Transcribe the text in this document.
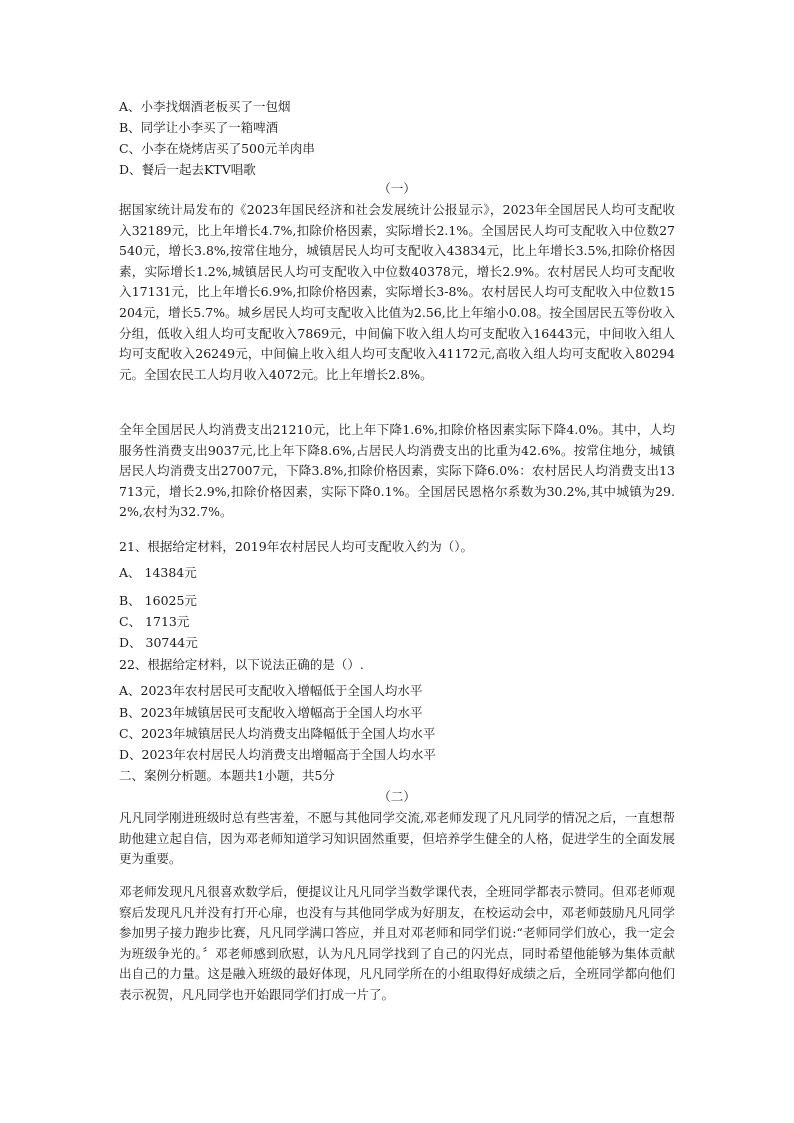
A、小李找烟酒老板买了一包烟
B、同学让小李买了一箱啤酒
C、小李在烧烤店买了500元羊肉串
D、餐后一起去KTV唱歌
（一）
据国家统计局发布的《2023年国民经济和社会发展统计公报显示》，2023年全国居民人均可支配收入32189元，比上年增长4.7%,扣除价格因素，实际增长2.1%。全国居民人均可支配收入中位数27540元，增长3.8%,按常住地分，城镇居民人均可支配收入43834元，比上年增长3.5%,扣除价格因素，实际增长1.2%,城镇居民人均可支配收入中位数40378元，增长2.9%。农村居民人均可支配收入17131元，比上年增长6.9%,扣除价格因素，实际增长3-8%。农村居民人均可支配收入中位数15204元，增长5.7%。城乡居民人均可支配收入比值为2.56,比上年缩小0.08。按全国居民五等份收入分组，低收入组人均可支配收入7869元，中间偏下收入组人均可支配收入16443元，中间收入组人均可支配收入26249元，中间偏上收入组人均可支配收入41172元,高收入组人均可支配收入80294元。全国农民工人均月收入4072元。比上年增长2.8%。
全年全国居民人均消费支出21210元，比上年下降1.6%,扣除价格因素实际下降4.0%。其中，人均服务性消费支出9037元,比上年下降8.6%,占居民人均消费支出的比重为42.6%。按常住地分，城镇居民人均消费支出27007元，下降3.8%,扣除价格因素，实际下降6.0%：农村居民人均消费支出13713元，增长2.9%,扣除价格因素，实际下降0.1%。全国居民恩格尔系数为30.2%,其中城镇为29.2%,农村为32.7%。
21、根据给定材料，2019年农村居民人均可支配收入约为（）。
A、 14384元
B、 16025元
C、 1713元
D、 30744元
22、根据给定材料，以下说法正确的是（）.
A、2023年农村居民可支配收入增幅低于全国人均水平
B、2023年城镇居民可支配收入增幅高于全国人均水平
C、2023年城镇居民人均消费支出降幅低于全国人均水平
D、2023年农村居民人均消费支出增幅高于全国人均水平
二、案例分析题。本题共1小题，共5分
（二）
凡凡同学刚进班级时总有些害羞，不愿与其他同学交流,邓老师发现了凡凡同学的情况之后，一直想帮助他建立起自信，因为邓老师知道学习知识固然重要，但培养学生健全的人格，促进学生的全面发展更为重要。
邓老师发现凡凡很喜欢数学后，便提议让凡凡同学当数学课代表，全班同学都表示赞同。但邓老师观察后发现凡凡并没有打开心扉，也没有与其他同学成为好朋友，在校运动会中，邓老师鼓励凡凡同学参加男子接力跑步比赛，凡凡同学满口答应，并且对邓老师和同学们说:“老师同学们放心，我一定会为班级争光的。〞邓老师感到欣慰，认为凡凡同学找到了自己的闪光点，同时希望他能够为集体贡献出自己的力量。这是融入班级的最好体现，凡凡同学所在的小组取得好成绩之后，全班同学都向他们表示祝贺，凡凡同学也开始跟同学们打成一片了。
